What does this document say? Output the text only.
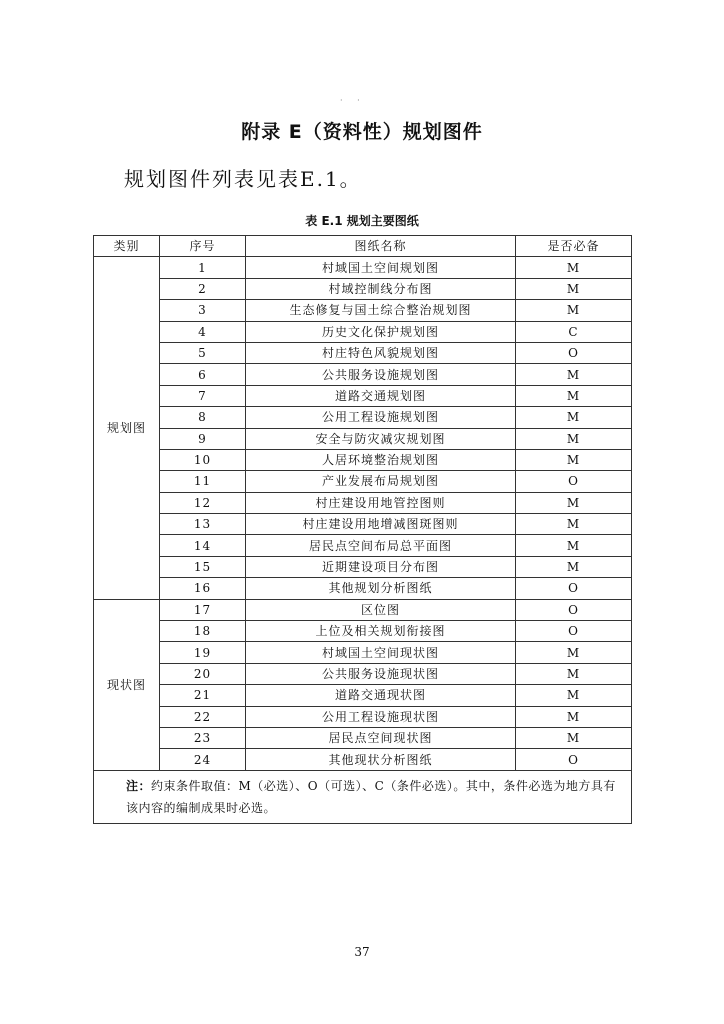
· ·
附录 E（资料性）规划图件
规划图件列表见表E.1。
表 E.1 规划主要图纸
类别	序号	图纸名称	是否必备
规划图	1	村域国土空间规划图	M
	2	村域控制线分布图	M
	3	生态修复与国土综合整治规划图	M
	4	历史文化保护规划图	C
	5	村庄特色风貌规划图	O
	6	公共服务设施规划图	M
	7	道路交通规划图	M
	8	公用工程设施规划图	M
	9	安全与防灾减灾规划图	M
	10	人居环境整治规划图	M
	11	产业发展布局规划图	O
	12	村庄建设用地管控图则	M
	13	村庄建设用地增减图斑图则	M
	14	居民点空间布局总平面图	M
	15	近期建设项目分布图	M
	16	其他规划分析图纸	O
现状图	17	区位图	O
	18	上位及相关规划衔接图	O
	19	村域国土空间现状图	M
	20	公共服务设施现状图	M
	21	道路交通现状图	M
	22	公用工程设施现状图	M
	23	居民点空间现状图	M
	24	其他现状分析图纸	O
注：约束条件取值：M（必选）、O（可选）、C（条件必选）。其中，条件必选为地方具有该内容的编制成果时必选。			
37
